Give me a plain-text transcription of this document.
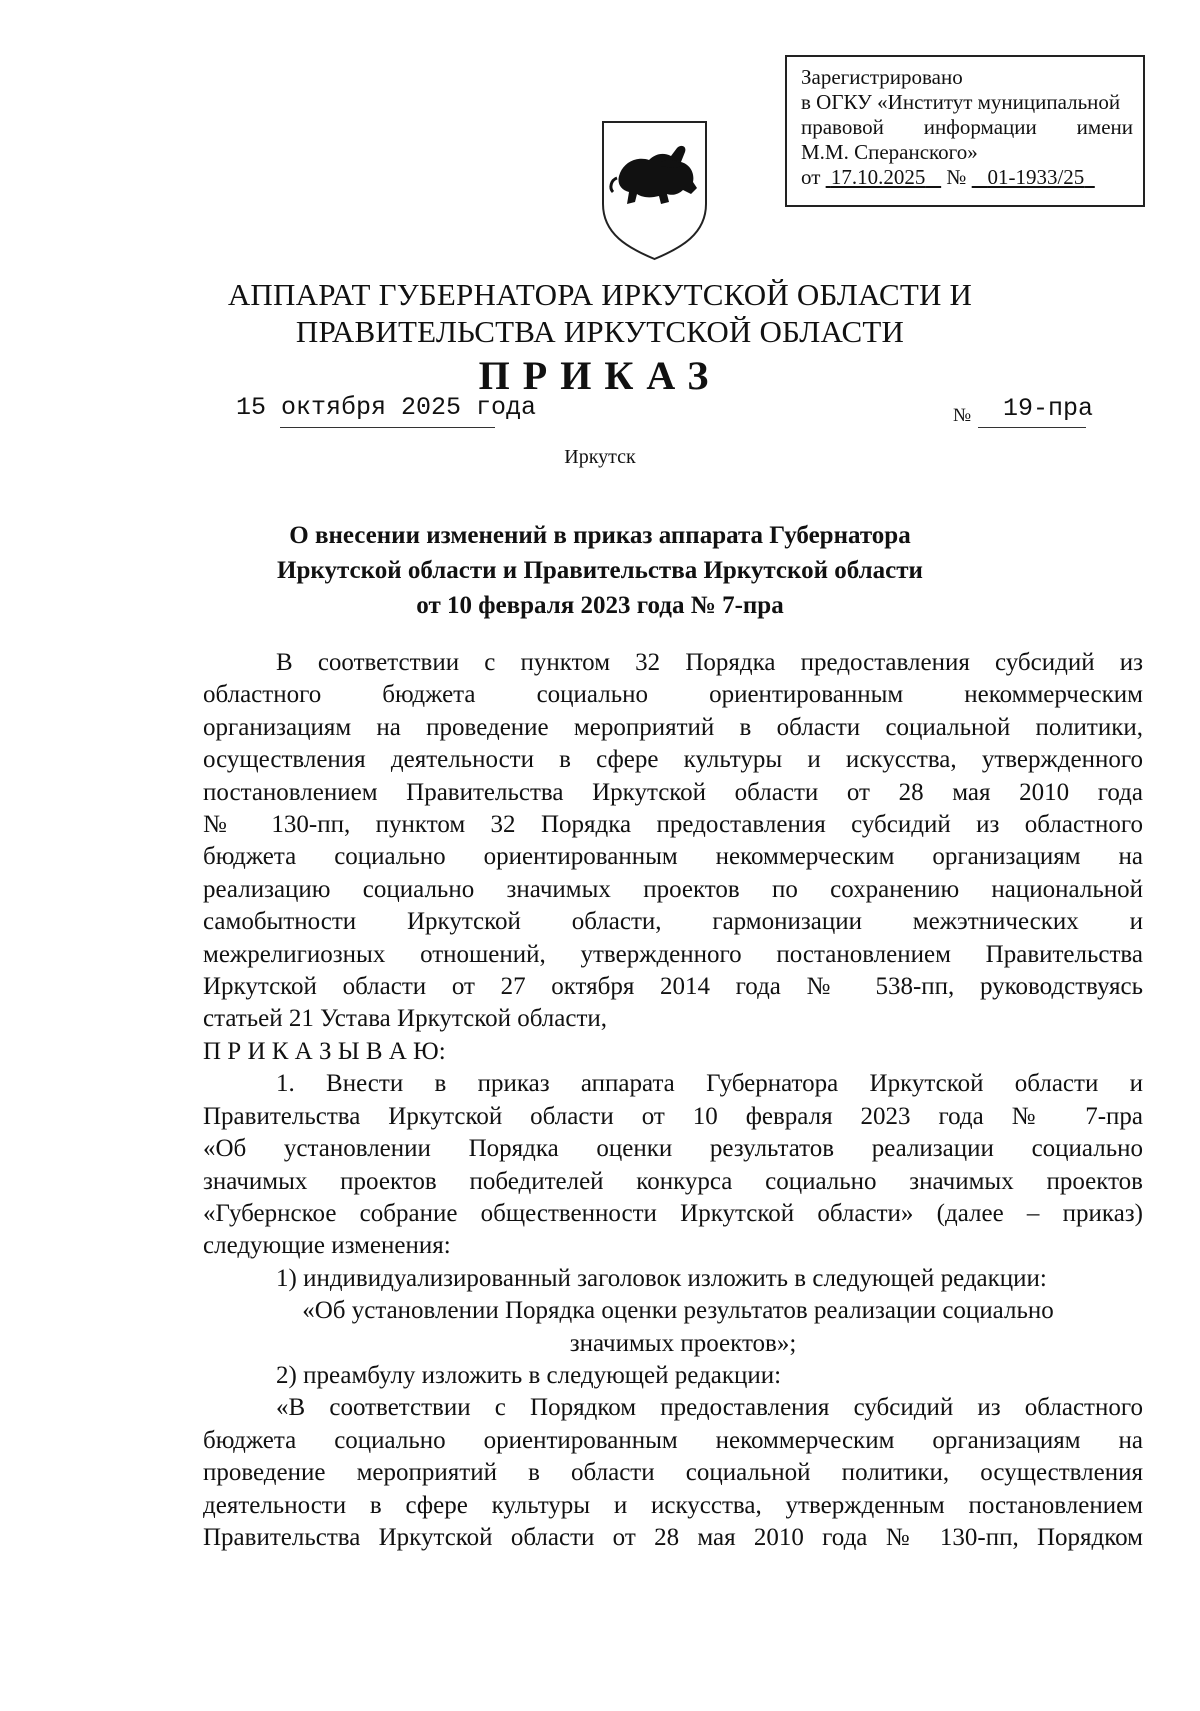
Зарегистрировано
в ОГКУ «Институт муниципальной
правовой информации имени
М.М. Сперанского»
от 17.10.2025 № 01-1933/25
АППАРАТ ГУБЕРНАТОРА ИРКУТСКОЙ ОБЛАСТИ И
ПРАВИТЕЛЬСТВА ИРКУТСКОЙ ОБЛАСТИ
ПРИКАЗ
15 октября 2025 года	№ 19-пра
Иркутск
О внесении изменений в приказ аппарата Губернатора
Иркутской области и Правительства Иркутской области
от 10 февраля 2023 года № 7-пра
В соответствии с пунктом 32 Порядка предоставления субсидий из
областного бюджета социально ориентированным некоммерческим
организациям на проведение мероприятий в области социальной политики,
осуществления деятельности в сфере культуры и искусства, утвержденного
постановлением Правительства Иркутской области от 28 мая 2010 года
№ 130-пп, пунктом 32 Порядка предоставления субсидий из областного
бюджета социально ориентированным некоммерческим организациям на
реализацию социально значимых проектов по сохранению национальной
самобытности Иркутской области, гармонизации межэтнических и
межрелигиозных отношений, утвержденного постановлением Правительства
Иркутской области от 27 октября 2014 года № 538-пп, руководствуясь
статьей 21 Устава Иркутской области,
П Р И К А З Ы В А Ю:
1. Внести в приказ аппарата Губернатора Иркутской области и
Правительства Иркутской области от 10 февраля 2023 года № 7-пра
«Об установлении Порядка оценки результатов реализации социально
значимых проектов победителей конкурса социально значимых проектов
«Губернское собрание общественности Иркутской области» (далее – приказ)
следующие изменения:
1) индивидуализированный заголовок изложить в следующей редакции:
«Об установлении Порядка оценки результатов реализации социально
значимых проектов»;
2) преамбулу изложить в следующей редакции:
«В соответствии с Порядком предоставления субсидий из областного
бюджета социально ориентированным некоммерческим организациям на
проведение мероприятий в области социальной политики, осуществления
деятельности в сфере культуры и искусства, утвержденным постановлением
Правительства Иркутской области от 28 мая 2010 года № 130-пп, Порядком
